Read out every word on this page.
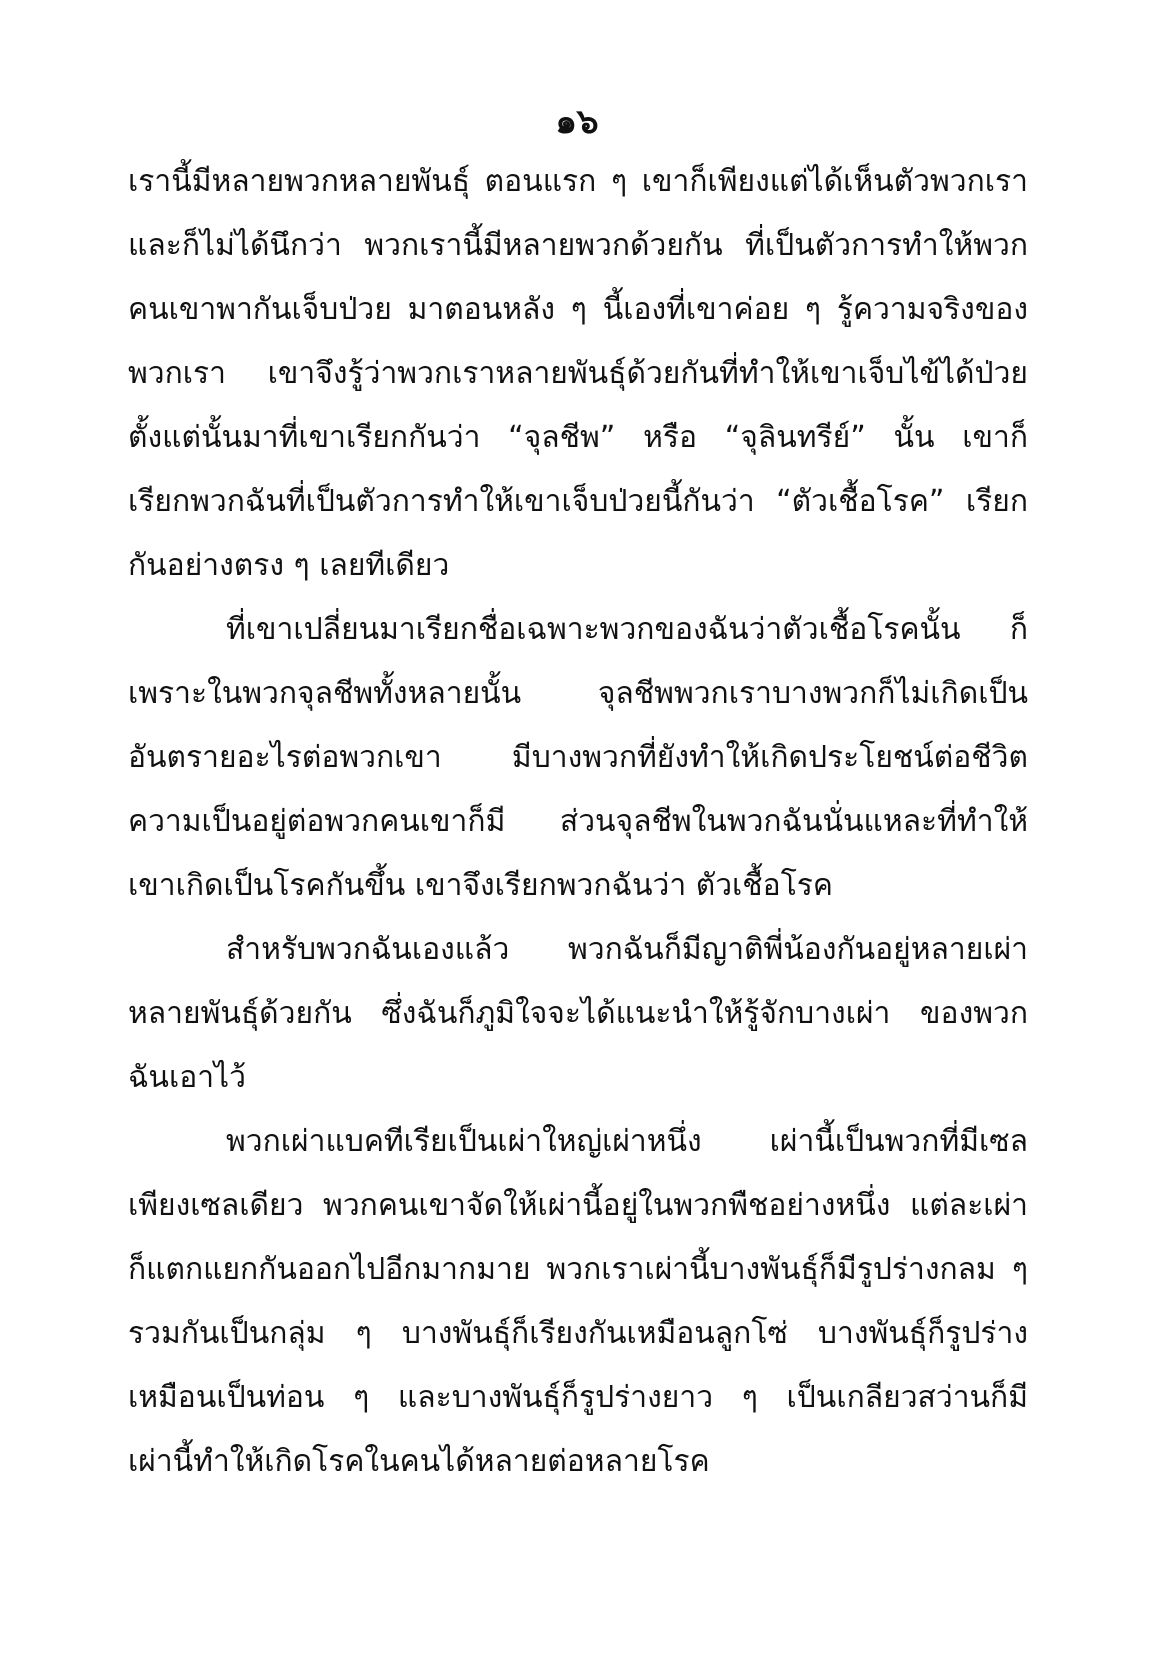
๑๖
เรานี้มีหลายพวกหลายพันธุ์ ตอนแรก ๆ เขาก็เพียงแต่ได้เห็นตัวพวกเรา
และก็ไม่ได้นึกว่า พวกเรานี้มีหลายพวกด้วยกัน ที่เป็นตัวการทำให้พวก
คนเขาพากันเจ็บป่วย มาตอนหลัง ๆ นี้เองที่เขาค่อย ๆ รู้ความจริงของ
พวกเรา เขาจึงรู้ว่าพวกเราหลายพันธุ์ด้วยกันที่ทำให้เขาเจ็บไข้ได้ป่วย
ตั้งแต่นั้นมาที่เขาเรียกกันว่า “จุลชีพ” หรือ “จุลินทรีย์” นั้น เขาก็
เรียกพวกฉันที่เป็นตัวการทำให้เขาเจ็บป่วยนี้กันว่า “ตัวเชื้อโรค” เรียก
กันอย่างตรง ๆ เลยทีเดียว
ที่เขาเปลี่ยนมาเรียกชื่อเฉพาะพวกของฉันว่าตัวเชื้อโรคนั้น ก็
เพราะในพวกจุลชีพทั้งหลายนั้น จุลชีพพวกเราบางพวกก็ไม่เกิดเป็น
อันตรายอะไรต่อพวกเขา มีบางพวกที่ยังทำให้เกิดประโยชน์ต่อชีวิต
ความเป็นอยู่ต่อพวกคนเขาก็มี ส่วนจุลชีพในพวกฉันนั่นแหละที่ทำให้
เขาเกิดเป็นโรคกันขึ้น เขาจึงเรียกพวกฉันว่า ตัวเชื้อโรค
สำหรับพวกฉันเองแล้ว พวกฉันก็มีญาติพี่น้องกันอยู่หลายเผ่า
หลายพันธุ์ด้วยกัน ซึ่งฉันก็ภูมิใจจะได้แนะนำให้รู้จักบางเผ่า ของพวก
ฉันเอาไว้
พวกเผ่าแบคทีเรียเป็นเผ่าใหญ่เผ่าหนึ่ง เผ่านี้เป็นพวกที่มีเซล
เพียงเซลเดียว พวกคนเขาจัดให้เผ่านี้อยู่ในพวกพืชอย่างหนึ่ง แต่ละเผ่า
ก็แตกแยกกันออกไปอีกมากมาย พวกเราเผ่านี้บางพันธุ์ก็มีรูปร่างกลม ๆ
รวมกันเป็นกลุ่ม ๆ บางพันธุ์ก็เรียงกันเหมือนลูกโซ่ บางพันธุ์ก็รูปร่าง
เหมือนเป็นท่อน ๆ และบางพันธุ์ก็รูปร่างยาว ๆ เป็นเกลียวสว่านก็มี
เผ่านี้ทำให้เกิดโรคในคนได้หลายต่อหลายโรค
